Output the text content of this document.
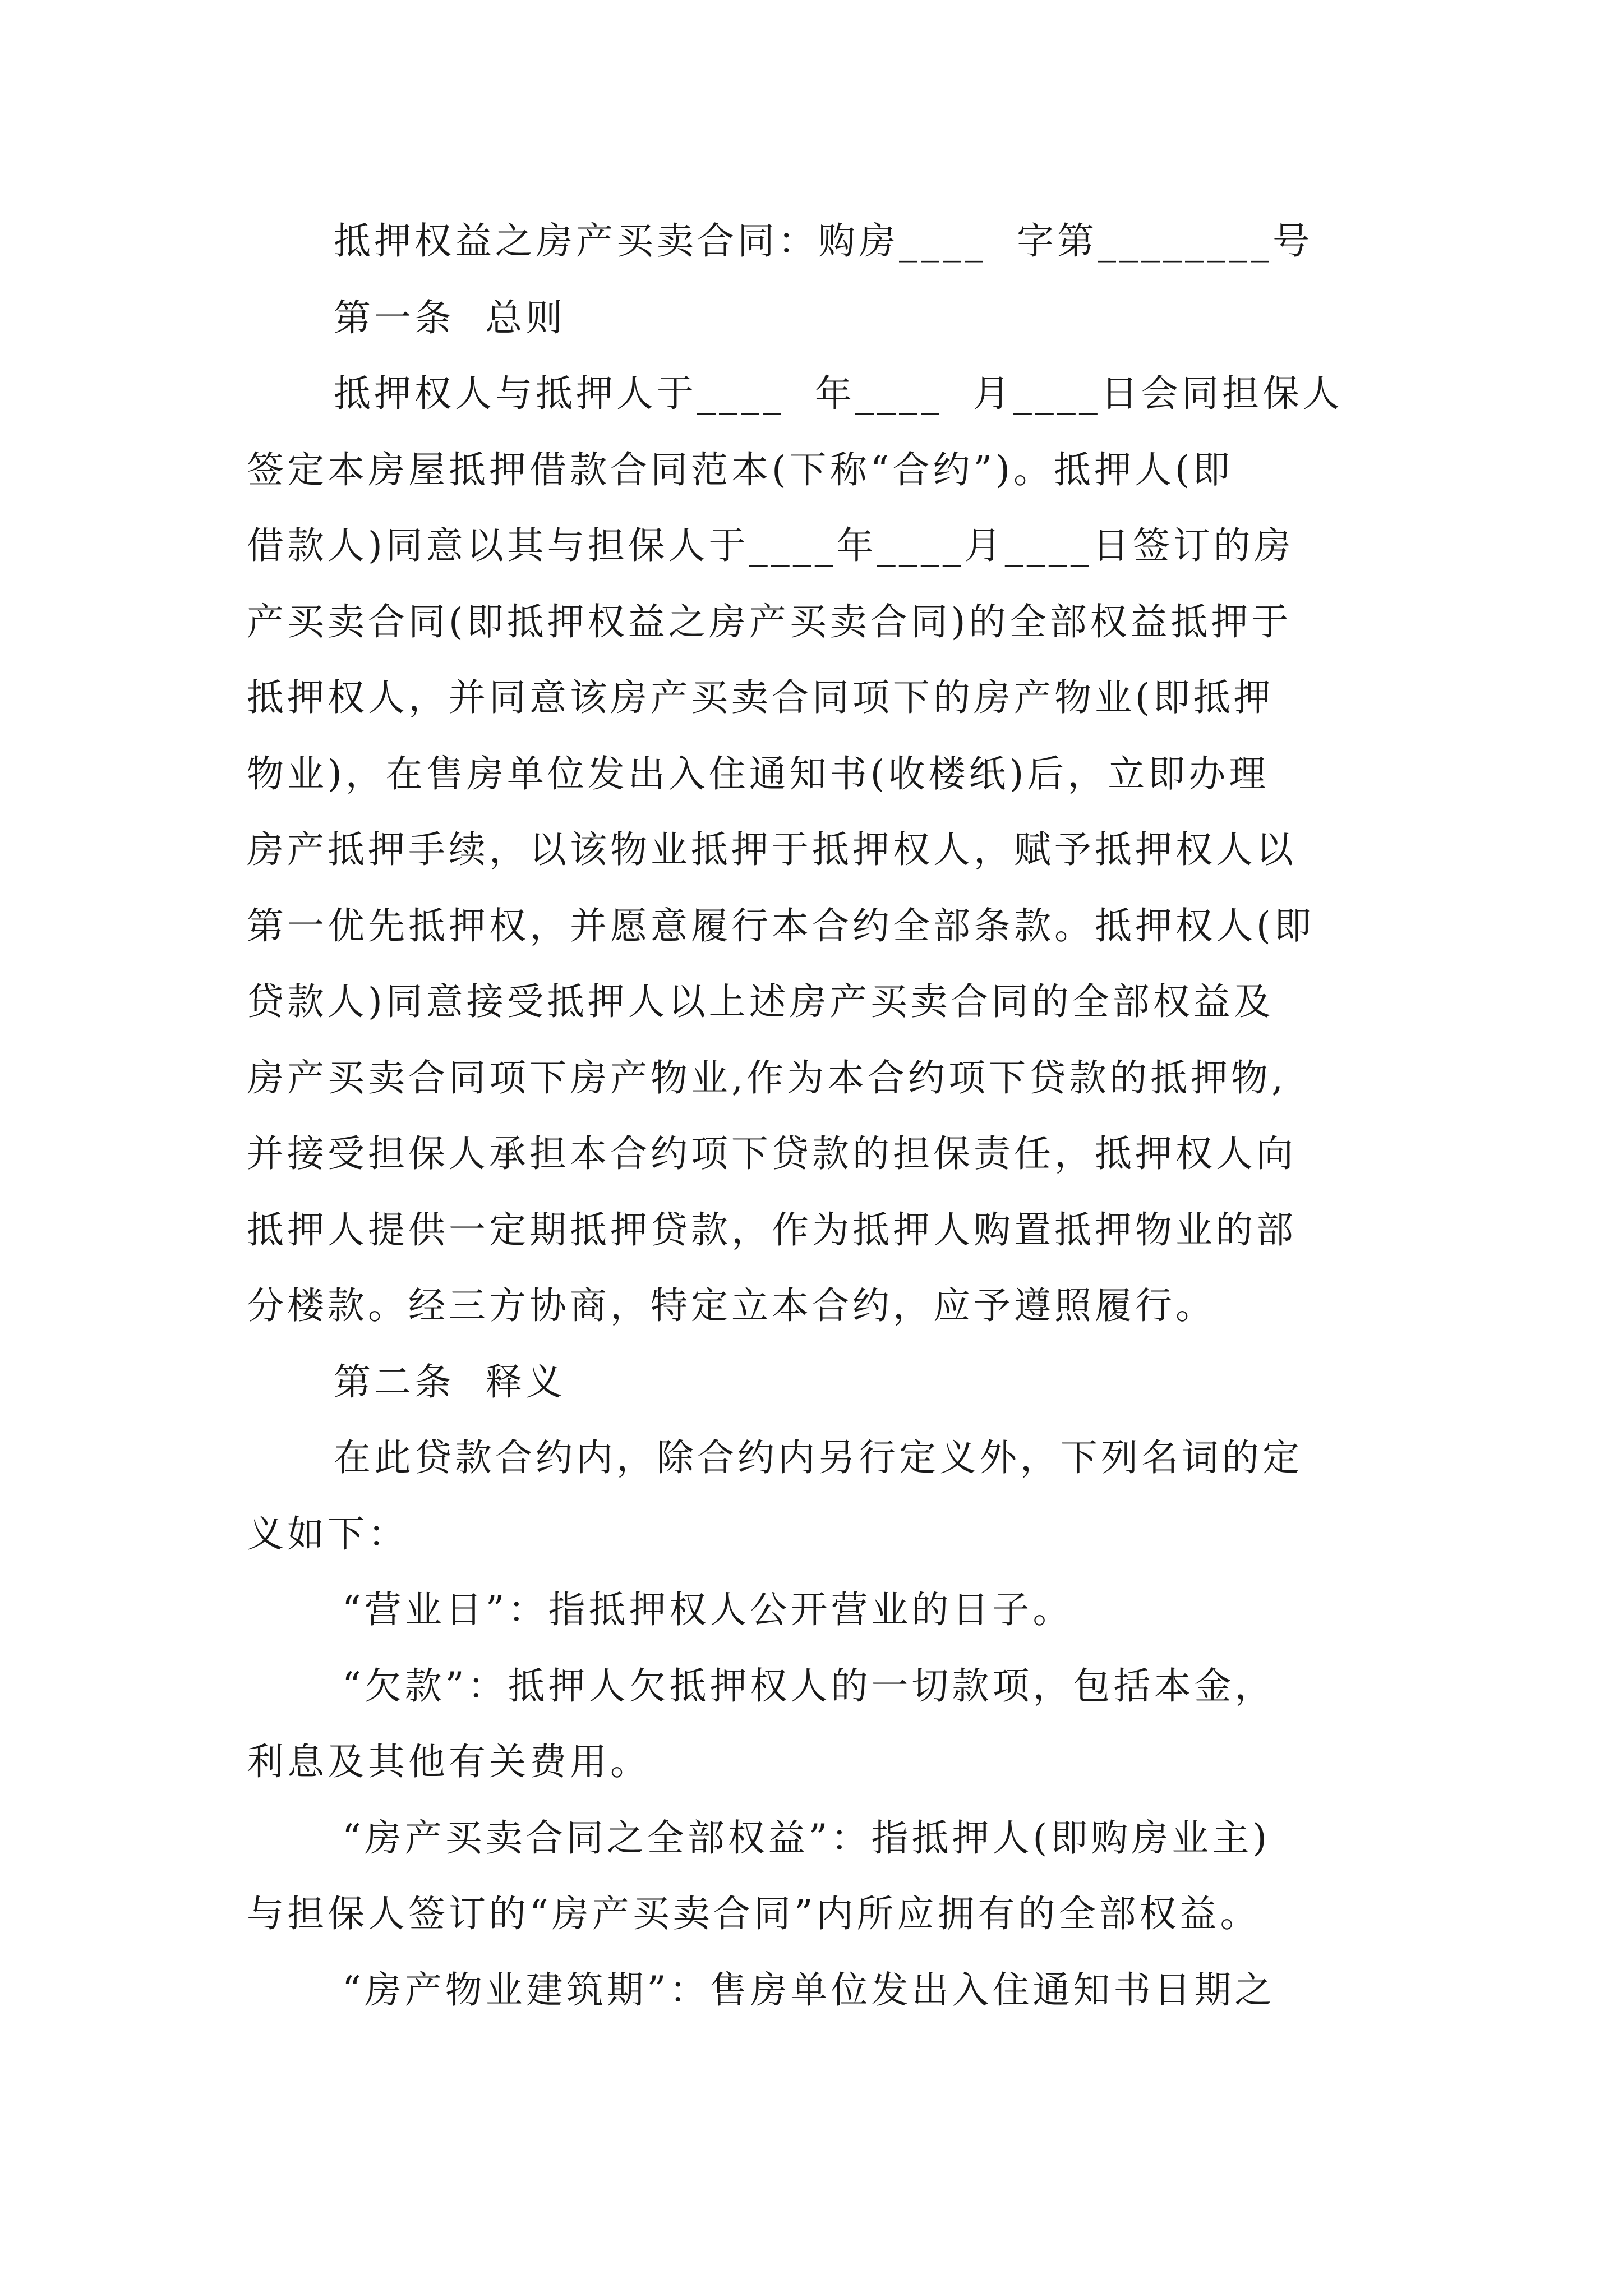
抵押权益之房产买卖合同：购房____  字第________号
第一条  总则
抵押权人与抵押人于____  年____  月____日会同担保人
签定本房屋抵押借款合同范本(下称“合约”)。抵押人(即
借款人)同意以其与担保人于____年____月____日签订的房
产买卖合同(即抵押权益之房产买卖合同)的全部权益抵押于
抵押权人，并同意该房产买卖合同项下的房产物业(即抵押
物业)，在售房单位发出入住通知书(收楼纸)后，立即办理
房产抵押手续，以该物业抵押于抵押权人，赋予抵押权人以
第一优先抵押权，并愿意履行本合约全部条款。抵押权人(即
贷款人)同意接受抵押人以上述房产买卖合同的全部权益及
房产买卖合同项下房产物业,作为本合约项下贷款的抵押物,
并接受担保人承担本合约项下贷款的担保责任，抵押权人向
抵押人提供一定期抵押贷款，作为抵押人购置抵押物业的部
分楼款。经三方协商，特定立本合约，应予遵照履行。
第二条  释义
在此贷款合约内，除合约内另行定义外，下列名词的定
义如下：
“营业日”：指抵押权人公开营业的日子。
“欠款”：抵押人欠抵押权人的一切款项，包括本金，
利息及其他有关费用。
“房产买卖合同之全部权益”：指抵押人(即购房业主)
与担保人签订的“房产买卖合同”内所应拥有的全部权益。
“房产物业建筑期”：售房单位发出入住通知书日期之
